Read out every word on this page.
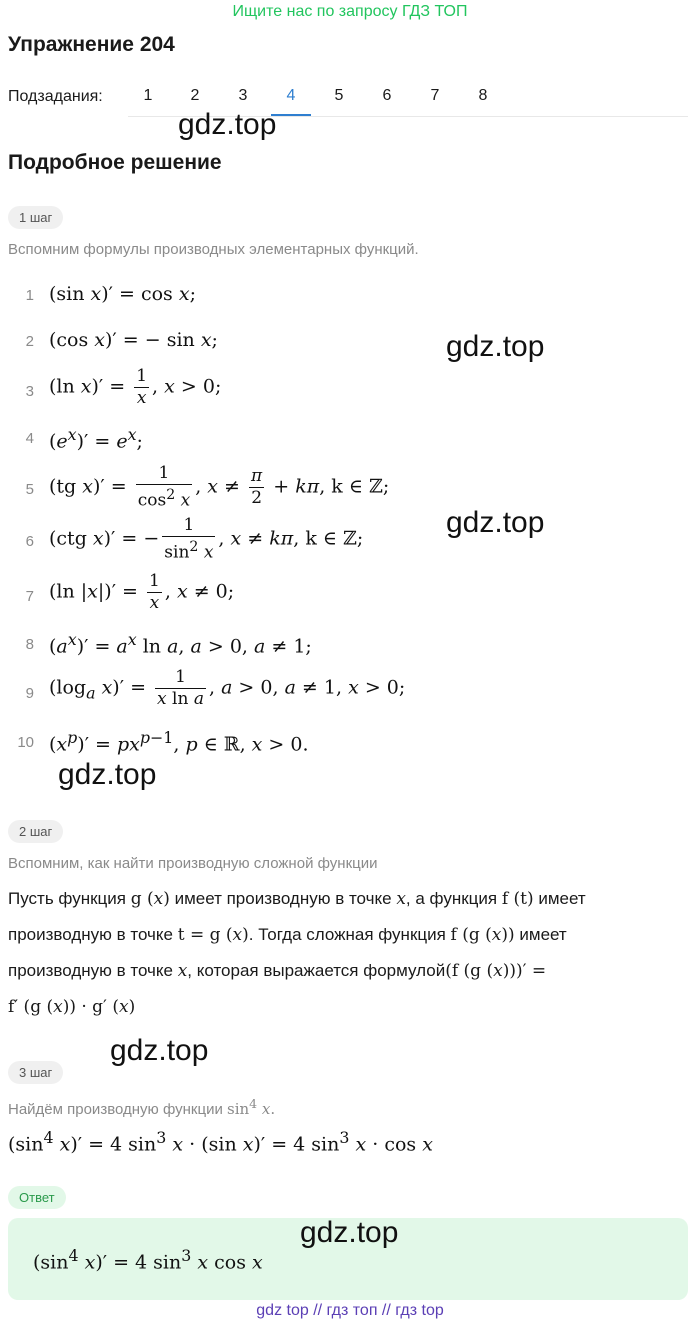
Ищите нас по запросу ГДЗ ТОП
Упражнение 204
Подзадания:	1	2	3	4	5	6	7	8
gdz.top
Подробное решение
1 шаг
Вспомним формулы производных элементарных функций.
1 (sin x)′ = cos x;
2 (cos x)′ = − sin x;
3 (ln $x)' = \frac{1}{x}$ , x > 0;
gdz.top
4 $(e^x)' = e^x$;
5 (tg $x)' = \frac{1}{\cos^2 x}$ , $x \ne \frac{\pi}{2} + k\pi$, k ∈ ℤ;
gdz.top
6 (ctg x)′ = − $\frac{1}{\sin^2 x}$ , x ≠ kπ, k ∈ ℤ;
7 (ln $|x|)' = \frac{1}{x}$ , x ≠ 0;
8 $(a^x)' = a^x$ ln a, a > 0, a ≠ 1;
9 ($\log_a$ $x)' = \frac{1}{\text{x ln a}}$ , a > 0, a ≠ 1, x > 0;
10 $(x^p)' = px^{p-1}$, p ∈ ℝ, x > 0.
gdz.top
2 шаг
Вспомним, как найти производную сложной функции
Пусть функция g (x) имеет производную в точке x, а функция f (t) имеет производную в точке t = g (x). Тогда сложная функция f (g (x)) имеет производную в точке x, которая выражается формулой(f (g (x)))′ =
f′ (g (x)) · g′ (x)
gdz.top
3 шаг
Найдём производную функции $\sin^4 x$.
($\sin^4$ x)′ = 4 $\sin^3 x \cdot (\sin$ x)′ = 4 $\sin^3 x \cdot \cos x$
Ответ
($\sin^4$ x)′ = 4 $\sin^3 x$ cos x
gdz.top
gdz top // гдз топ // гдз top
